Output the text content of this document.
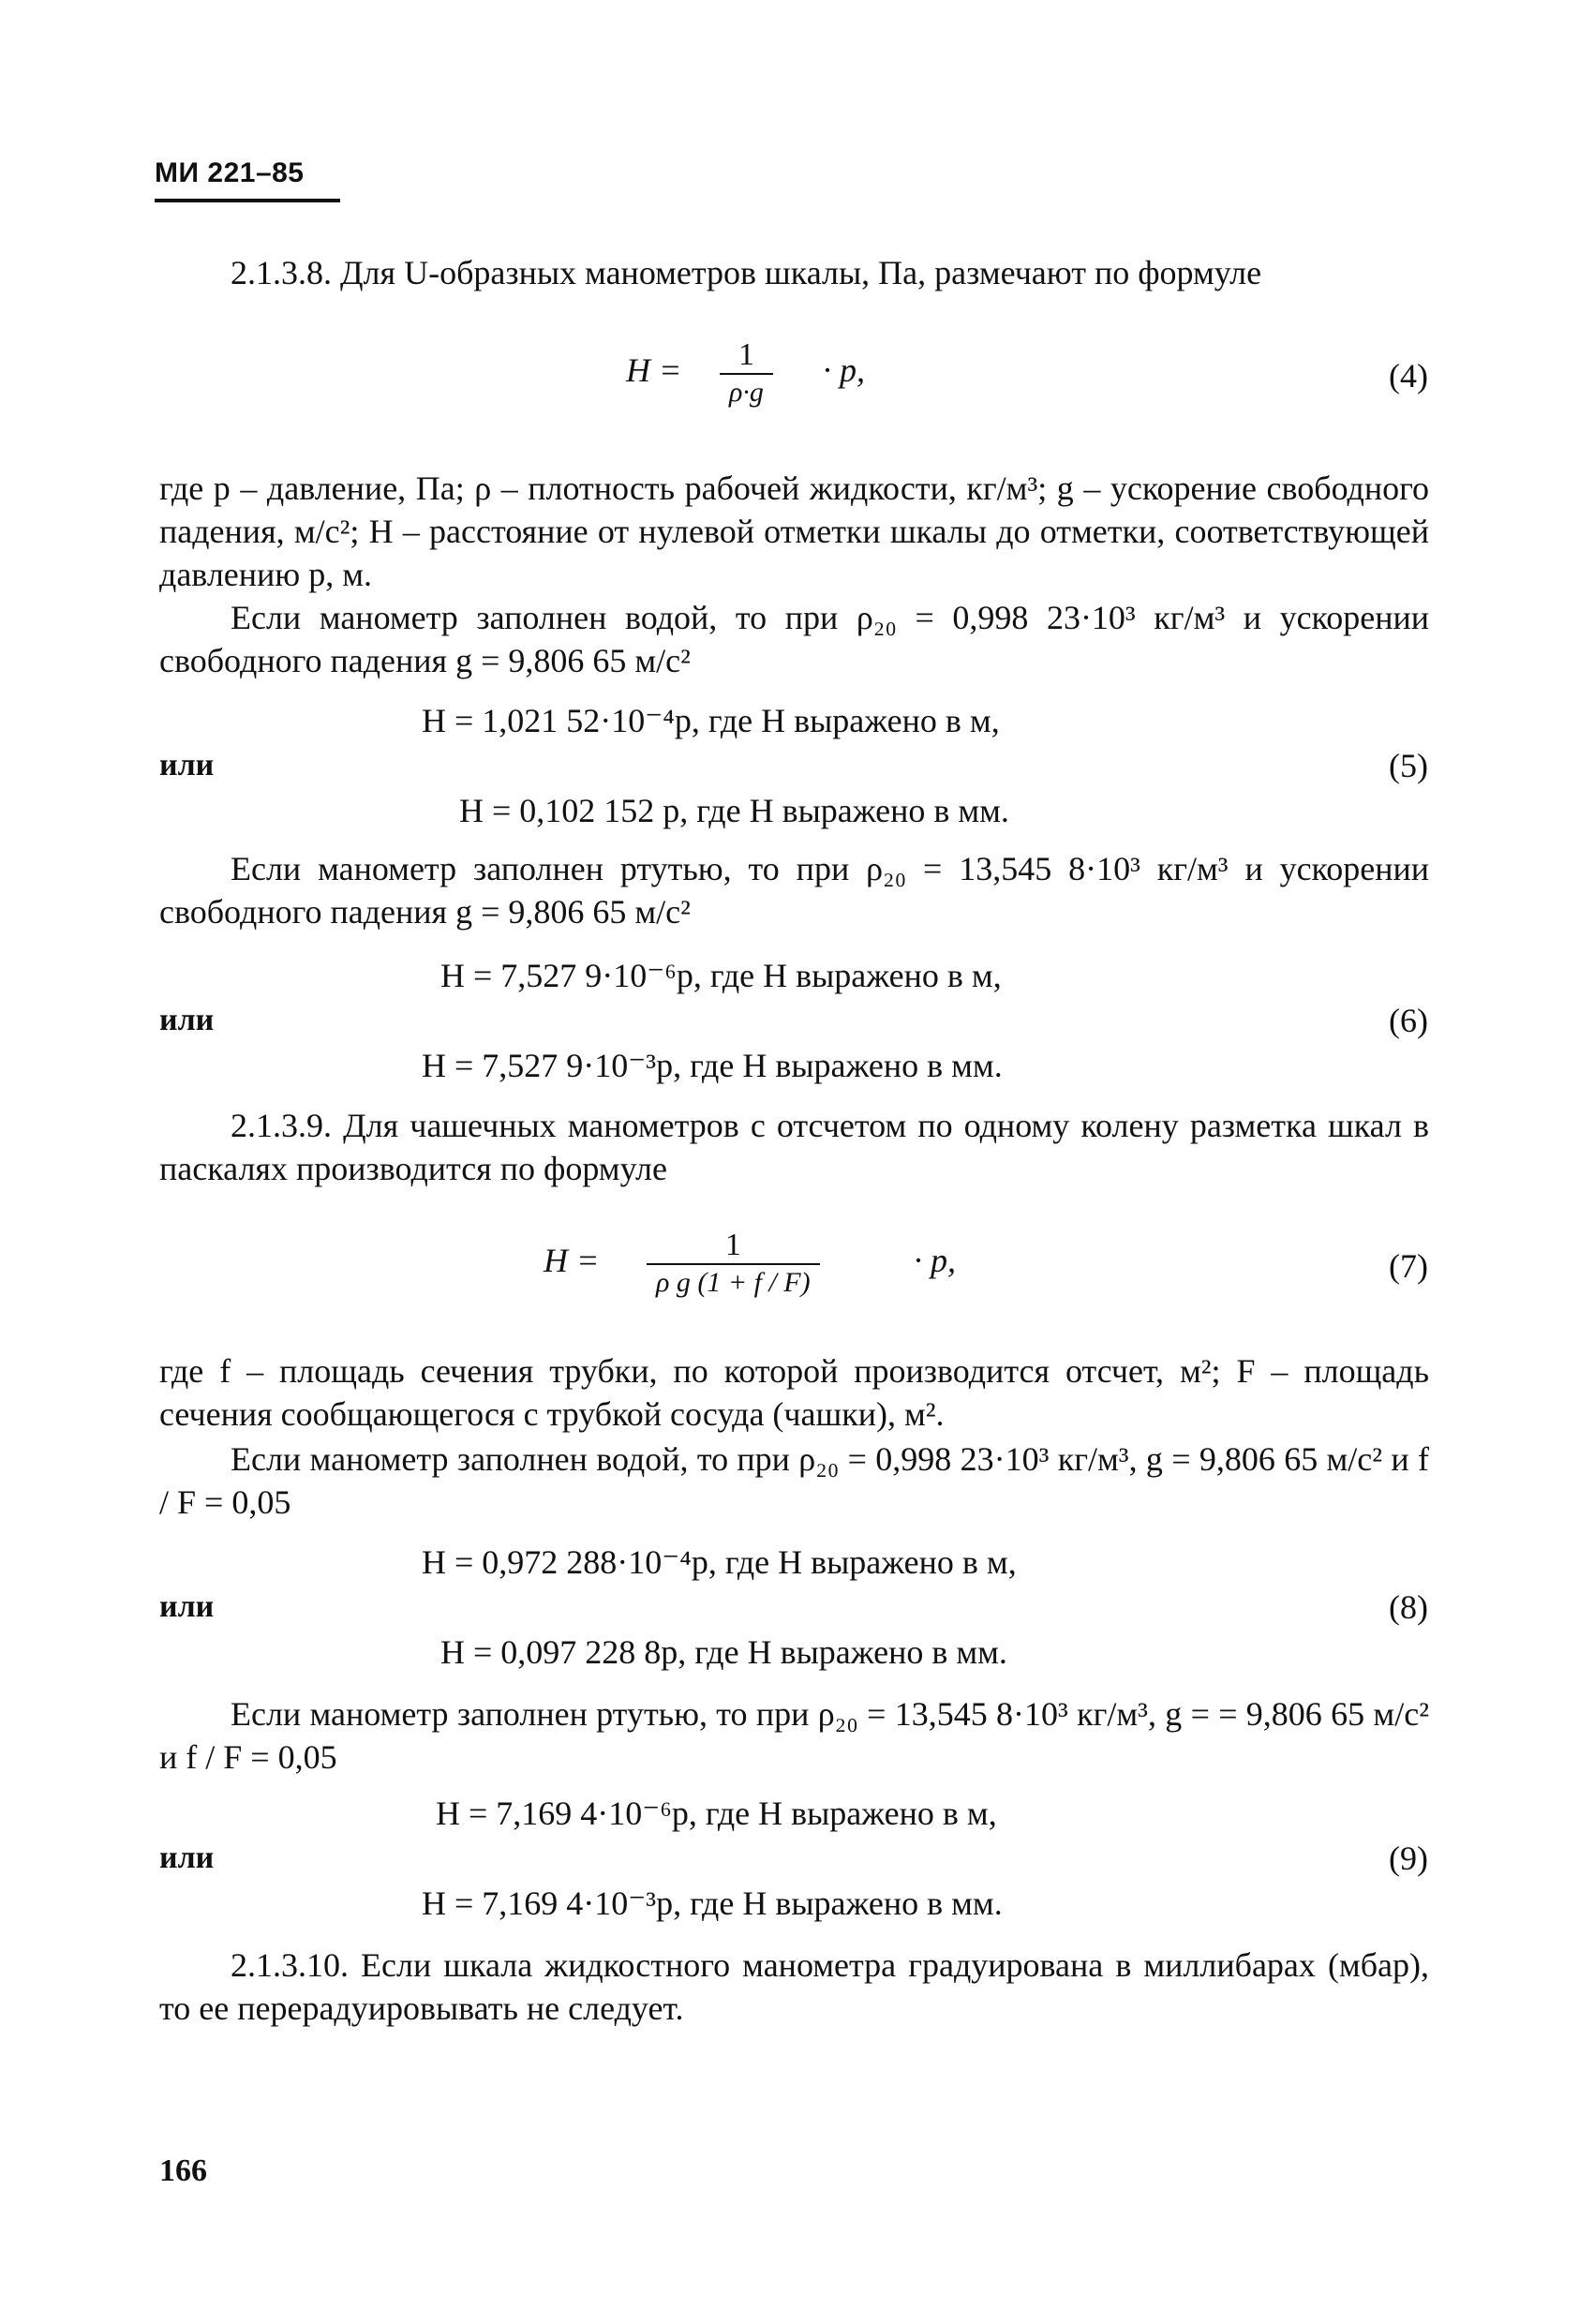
МИ 221–85
2.1.3.8. Для U-образных манометров шкалы, Па, размечают по формуле
H = 1
ρ·g
· p,	(4)
где p – давление, Па; ρ – плотность рабочей жидкости, кг/м³; g – ускорение свободного падения, м/с²; H – расстояние от нулевой отметки шкалы до отметки, соответствующей давлению p, м.
Если манометр заполнен водой, то при ρ₂₀ = 0,998 23·10³ кг/м³ и ускорении свободного падения g = 9,806 65 м/с²
H = 1,021 52·10⁻⁴p, где H выражено в м,
или	(5)
H = 0,102 152 p, где H выражено в мм.
Если манометр заполнен ртутью, то при ρ₂₀ = 13,545 8·10³ кг/м³ и ускорении свободного падения g = 9,806 65 м/с²
H = 7,527 9·10⁻⁶p, где H выражено в м,
или	(6)
H = 7,527 9·10⁻³p, где H выражено в мм.
2.1.3.9. Для чашечных манометров с отсчетом по одному колену разметка шкал в паскалях производится по формуле
H =	1
ρ g (1 + f / F)
· p,	(7)
где f – площадь сечения трубки, по которой производится отсчет, м²; F – площадь сечения сообщающегося с трубкой сосуда (чашки), м².
Если манометр заполнен водой, то при ρ₂₀ = 0,998 23·10³ кг/м³, g = 9,806 65 м/с² и f / F = 0,05
H = 0,972 288·10⁻⁴p, где H выражено в м,
или	(8)
H = 0,097 228 8p, где H выражено в мм.
Если манометр заполнен ртутью, то при ρ₂₀ = 13,545 8·10³ кг/м³, g = = 9,806 65 м/с² и f / F = 0,05
H = 7,169 4·10⁻⁶p, где H выражено в м,
или	(9)
H = 7,169 4·10⁻³p, где H выражено в мм.
2.1.3.10. Если шкала жидкостного манометра градуирована в миллибарах (мбар), то ее перерадуировывать не следует.
166
